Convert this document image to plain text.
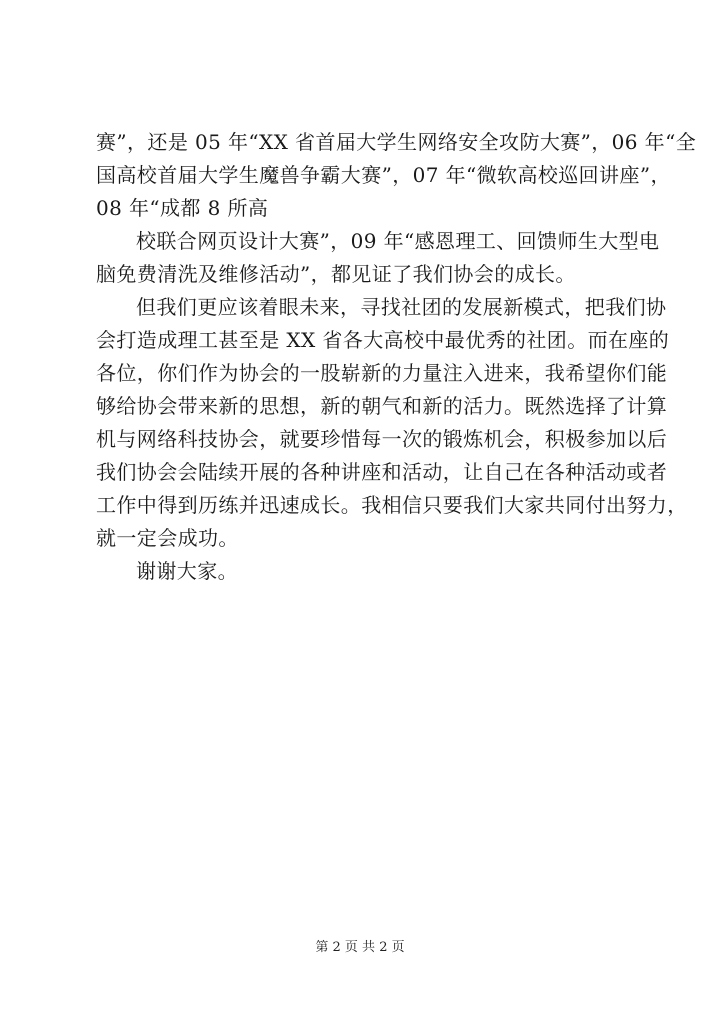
赛”，还是 05 年“XX 省首届大学生网络安全攻防大赛”，06 年“全
国高校首届大学生魔兽争霸大赛”，07 年“微软高校巡回讲座”，
08 年“成都 8 所高
校联合网页设计大赛”，09 年“感恩理工、回馈师生大型电
脑免费清洗及维修活动”，都见证了我们协会的成长。
但我们更应该着眼未来，寻找社团的发展新模式，把我们协
会打造成理工甚至是 XX 省各大高校中最优秀的社团。而在座的
各位，你们作为协会的一股崭新的力量注入进来，我希望你们能
够给协会带来新的思想，新的朝气和新的活力。既然选择了计算
机与网络科技协会，就要珍惜每一次的锻炼机会，积极参加以后
我们协会会陆续开展的各种讲座和活动，让自己在各种活动或者
工作中得到历练并迅速成长。我相信只要我们大家共同付出努力，
就一定会成功。
谢谢大家。
第 2 页 共 2 页
